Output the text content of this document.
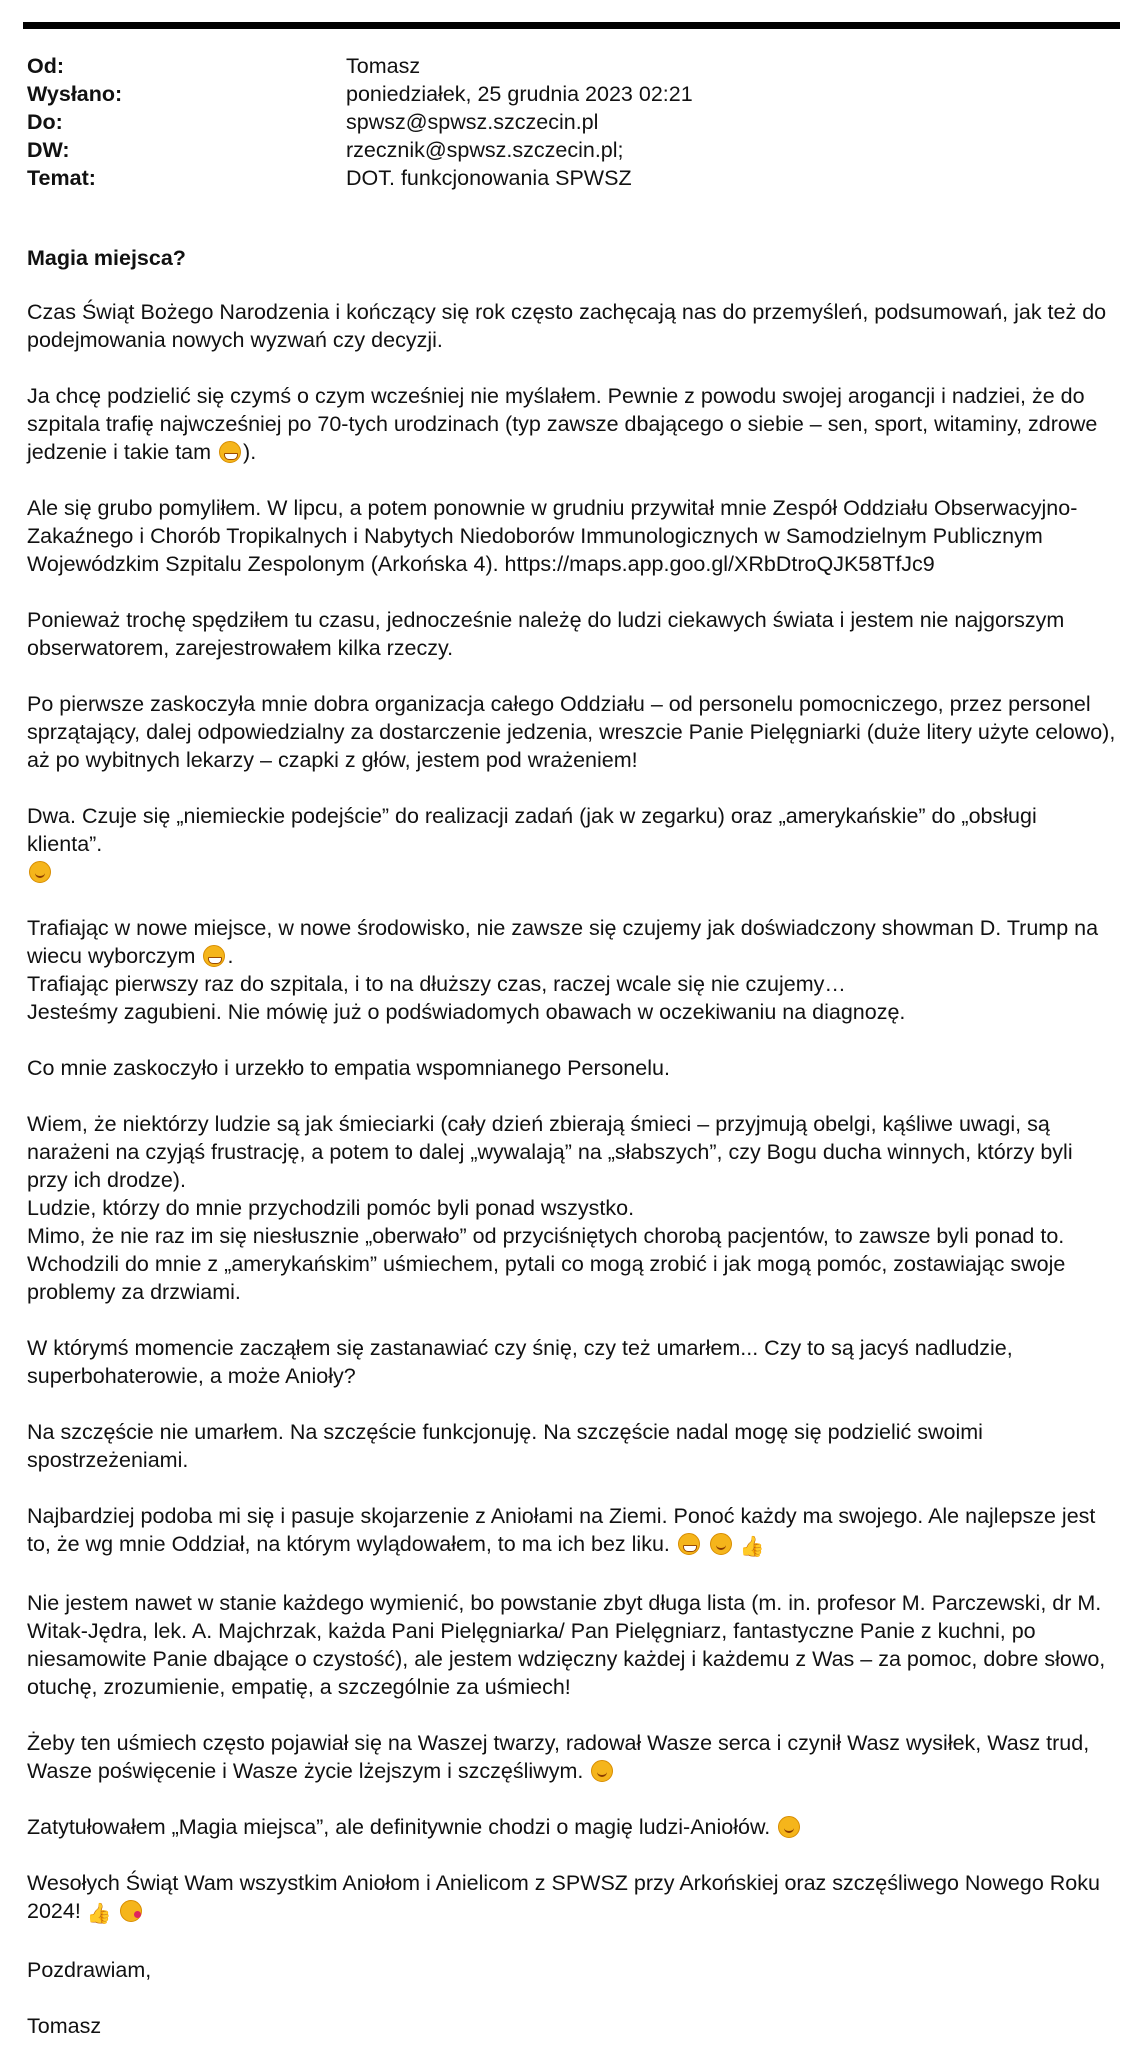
Od:	Tomasz
Wysłano:	poniedziałek, 25 grudnia 2023 02:21
Do:	spwsz@spwsz.szczecin.pl
DW:	rzecznik@spwsz.szczecin.pl;
Temat:	DOT. funkcjonowania SPWSZ
Magia miejsca?
Czas Świąt Bożego Narodzenia i kończący się rok często zachęcają nas do przemyśleń, podsumowań, jak też do podejmowania nowych wyzwań czy decyzji.
Ja chcę podzielić się czymś o czym wcześniej nie myślałem. Pewnie z powodu swojej arogancji i nadziei, że do szpitala trafię najwcześniej po 70-tych urodzinach (typ zawsze dbającego o siebie – sen, sport, witaminy, zdrowe jedzenie i takie tam ).
Ale się grubo pomyliłem. W lipcu, a potem ponownie w grudniu przywitał mnie Zespół Oddziału Obserwacyjno-Zakaźnego i Chorób Tropikalnych i Nabytych Niedoborów Immunologicznych w Samodzielnym Publicznym Wojewódzkim Szpitalu Zespolonym (Arkońska 4). https://maps.app.goo.gl/XRbDtroQJK58TfJc9
Ponieważ trochę spędziłem tu czasu, jednocześnie należę do ludzi ciekawych świata i jestem nie najgorszym obserwatorem, zarejestrowałem kilka rzeczy.
Po pierwsze zaskoczyła mnie dobra organizacja całego Oddziału – od personelu pomocniczego, przez personel sprzątający, dalej odpowiedzialny za dostarczenie jedzenia, wreszcie Panie Pielęgniarki (duże litery użyte celowo), aż po wybitnych lekarzy – czapki z głów, jestem pod wrażeniem!
Dwa. Czuje się „niemieckie podejście” do realizacji zadań (jak w zegarku) oraz „amerykańskie” do „obsługi klienta”.

Trafiając w nowe miejsce, w nowe środowisko, nie zawsze się czujemy jak doświadczony showman D. Trump na wiecu wyborczym .

Trafiając pierwszy raz do szpitala, i to na dłuższy czas, raczej wcale się nie czujemy…

Jesteśmy zagubieni. Nie mówię już o podświadomych obawach w oczekiwaniu na diagnozę.

Co mnie zaskoczyło i urzekło to empatia wspomnianego Personelu.

Wiem, że niektórzy ludzie są jak śmieciarki (cały dzień zbierają śmieci – przyjmują obelgi, kąśliwe uwagi, są narażeni na czyjąś frustrację, a potem to dalej „wywalają” na „słabszych”, czy Bogu ducha winnych, którzy byli przy ich drodze).

Ludzie, którzy do mnie przychodzili pomóc byli ponad wszystko.

Mimo, że nie raz im się niesłusznie „oberwało” od przyciśniętych chorobą pacjentów, to zawsze byli ponad to.

Wchodzili do mnie z „amerykańskim” uśmiechem, pytali co mogą zrobić i jak mogą pomóc, zostawiając swoje problemy za drzwiami.

W którymś momencie zacząłem się zastanawiać czy śnię, czy też umarłem... Czy to są jacyś nadludzie, superbohaterowie, a może Anioły?
Na szczęście nie umarłem. Na szczęście funkcjonuję. Na szczęście nadal mogę się podzielić swoimi spostrzeżeniami.
Najbardziej podoba mi się i pasuje skojarzenie z Aniołami na Ziemi. Ponoć każdy ma swojego. Ale najlepsze jest to, że wg mnie Oddział, na którym wylądowałem, to ma ich bez liku.	👍
Nie jestem nawet w stanie każdego wymienić, bo powstanie zbyt długa lista (m. in. profesor M. Parczewski, dr M. Witak-Jędra, lek. A. Majchrzak, każda Pani Pielęgniarka/ Pan Pielęgniarz, fantastyczne Panie z kuchni, po niesamowite Panie dbające o czystość), ale jestem wdzięczny każdej i każdemu z Was – za pomoc, dobre słowo, otuchę, zrozumienie, empatię, a szczególnie za uśmiech!
Żeby ten uśmiech często pojawiał się na Waszej twarzy, radował Wasze serca i czynił Wasz wysiłek, Wasz trud, Wasze poświęcenie i Wasze życie lżejszym i szczęśliwym.
Zatytułowałem „Magia miejsca”, ale definitywnie chodzi o magię ludzi-Aniołów.
Wesołych Świąt Wam wszystkim Aniołom i Anielicom z SPWSZ przy Arkońskiej oraz szczęśliwego Nowego Roku 2024! 👍
Pozdrawiam,
Tomasz
